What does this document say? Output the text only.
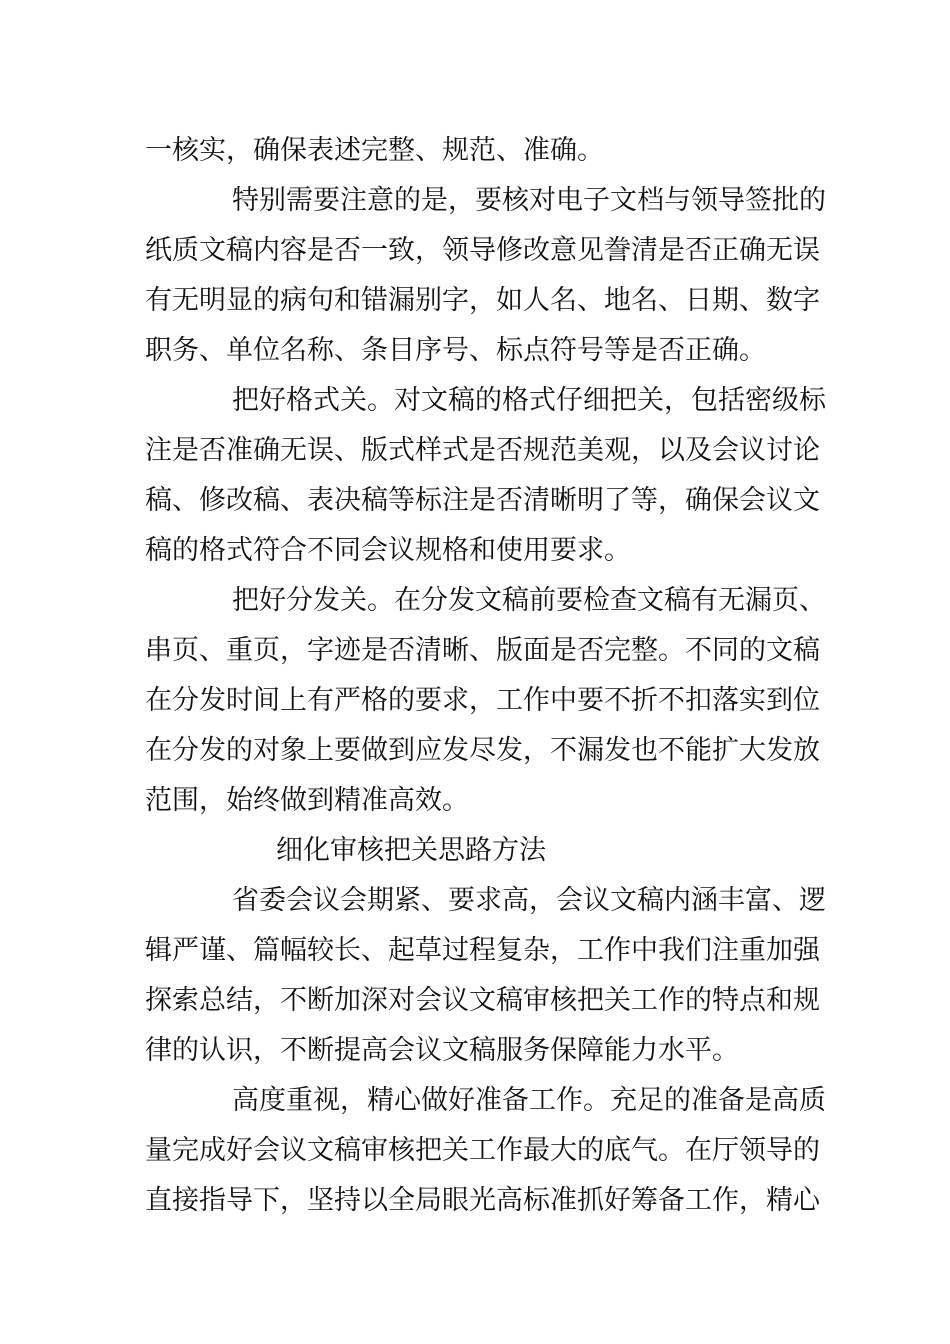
一核实，确保表述完整、规范、准确。
特别需要注意的是，要核对电子文档与领导签批的
纸质文稿内容是否一致，领导修改意见誊清是否正确无误
有无明显的病句和错漏别字，如人名、地名、日期、数字
职务、单位名称、条目序号、标点符号等是否正确。
把好格式关。对文稿的格式仔细把关，包括密级标
注是否准确无误、版式样式是否规范美观，以及会议讨论
稿、修改稿、表决稿等标注是否清晰明了等，确保会议文
稿的格式符合不同会议规格和使用要求。
把好分发关。在分发文稿前要检查文稿有无漏页、
串页、重页，字迹是否清晰、版面是否完整。不同的文稿
在分发时间上有严格的要求，工作中要不折不扣落实到位
在分发的对象上要做到应发尽发，不漏发也不能扩大发放
范围，始终做到精准高效。
细化审核把关思路方法
省委会议会期紧、要求高，会议文稿内涵丰富、逻
辑严谨、篇幅较长、起草过程复杂，工作中我们注重加强
探索总结，不断加深对会议文稿审核把关工作的特点和规
律的认识，不断提高会议文稿服务保障能力水平。
高度重视，精心做好准备工作。充足的准备是高质
量完成好会议文稿审核把关工作最大的底气。在厅领导的
直接指导下，坚持以全局眼光高标准抓好筹备工作，精心
